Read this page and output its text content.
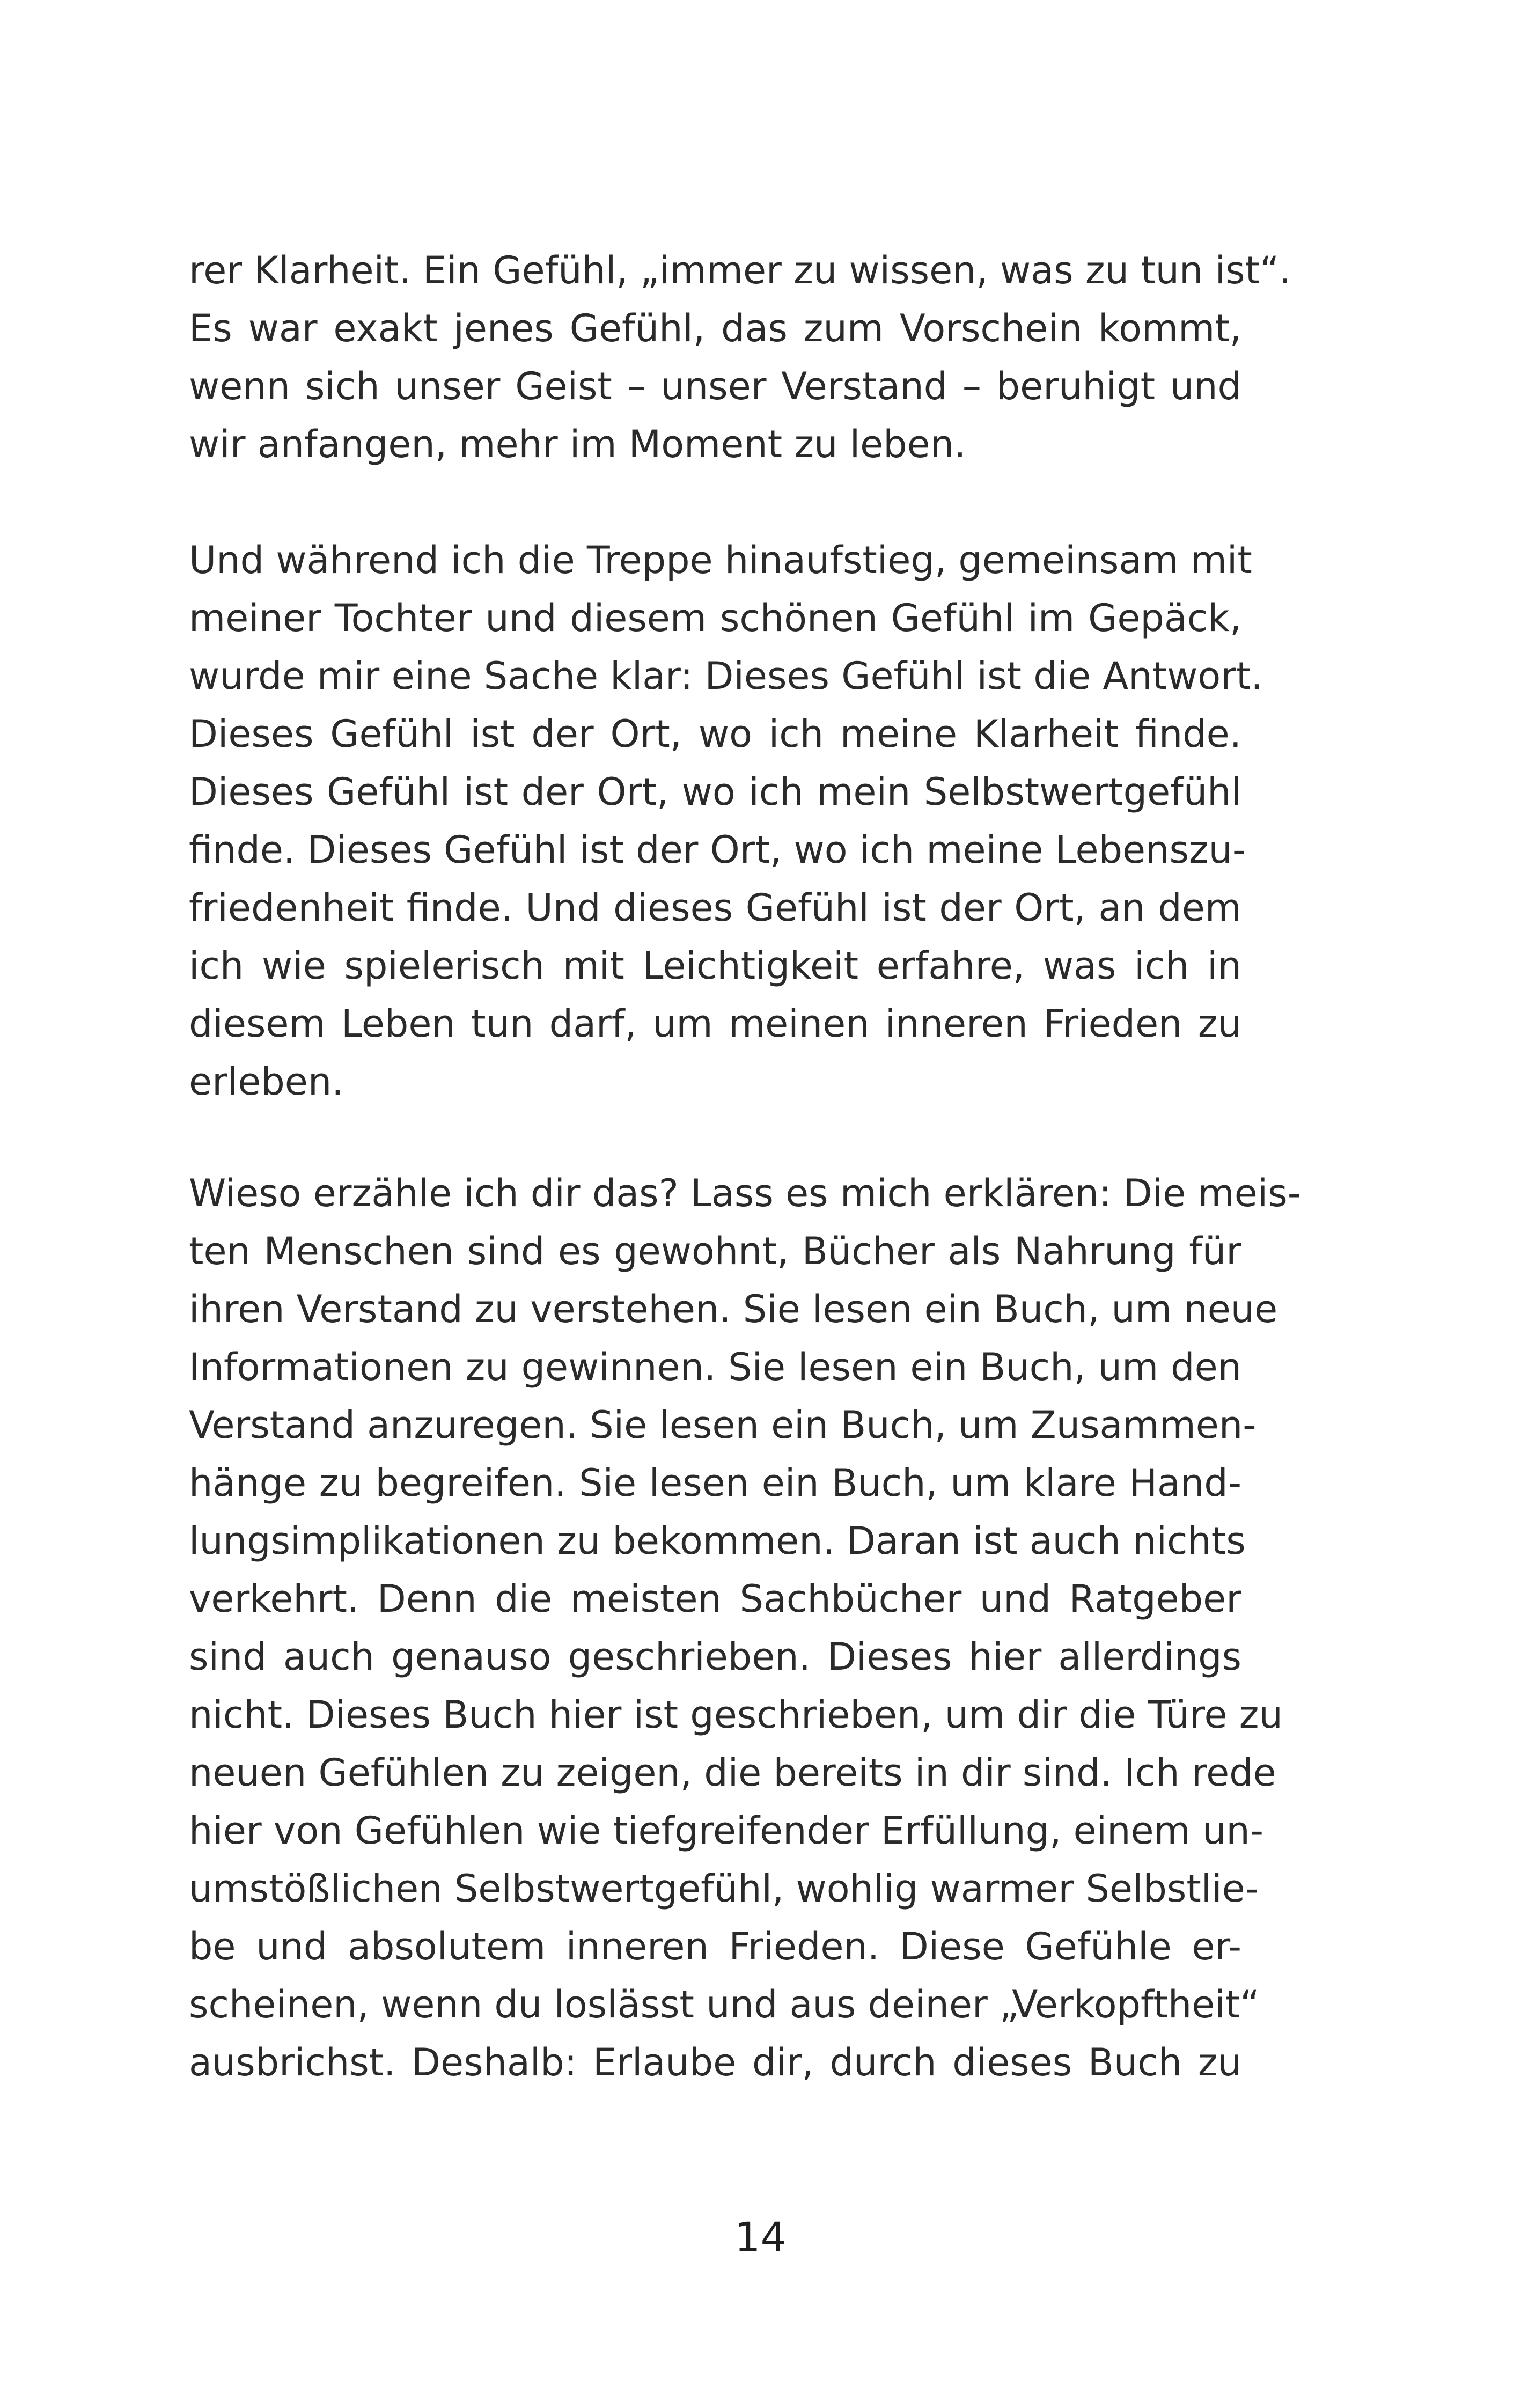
rer Klarheit. Ein Gefühl, „immer zu wissen, was zu tun ist“.
Es war exakt jenes Gefühl, das zum Vorschein kommt,
wenn sich unser Geist – unser Verstand – beruhigt und
wir anfangen, mehr im Moment zu leben.
Und während ich die Treppe hinaufstieg, gemeinsam mit
meiner Tochter und diesem schönen Gefühl im Gepäck,
wurde mir eine Sache klar: Dieses Gefühl ist die Antwort.
Dieses Gefühl ist der Ort, wo ich meine Klarheit finde.
Dieses Gefühl ist der Ort, wo ich mein Selbstwertgefühl
finde. Dieses Gefühl ist der Ort, wo ich meine Lebenszu-
friedenheit finde. Und dieses Gefühl ist der Ort, an dem
ich wie spielerisch mit Leichtigkeit erfahre, was ich in
diesem Leben tun darf, um meinen inneren Frieden zu
erleben.
Wieso erzähle ich dir das? Lass es mich erklären: Die meis-
ten Menschen sind es gewohnt, Bücher als Nahrung für
ihren Verstand zu verstehen. Sie lesen ein Buch, um neue
Informationen zu gewinnen. Sie lesen ein Buch, um den
Verstand anzuregen. Sie lesen ein Buch, um Zusammen-
hänge zu begreifen. Sie lesen ein Buch, um klare Hand-
lungsimplikationen zu bekommen. Daran ist auch nichts
verkehrt. Denn die meisten Sachbücher und Ratgeber
sind auch genauso geschrieben. Dieses hier allerdings
nicht. Dieses Buch hier ist geschrieben, um dir die Türe zu
neuen Gefühlen zu zeigen, die bereits in dir sind. Ich rede
hier von Gefühlen wie tiefgreifender Erfüllung, einem un-
umstößlichen Selbstwertgefühl, wohlig warmer Selbstlie-
be und absolutem inneren Frieden. Diese Gefühle er-
scheinen, wenn du loslässt und aus deiner „Verkopftheit“
ausbrichst. Deshalb: Erlaube dir, durch dieses Buch zu
14
